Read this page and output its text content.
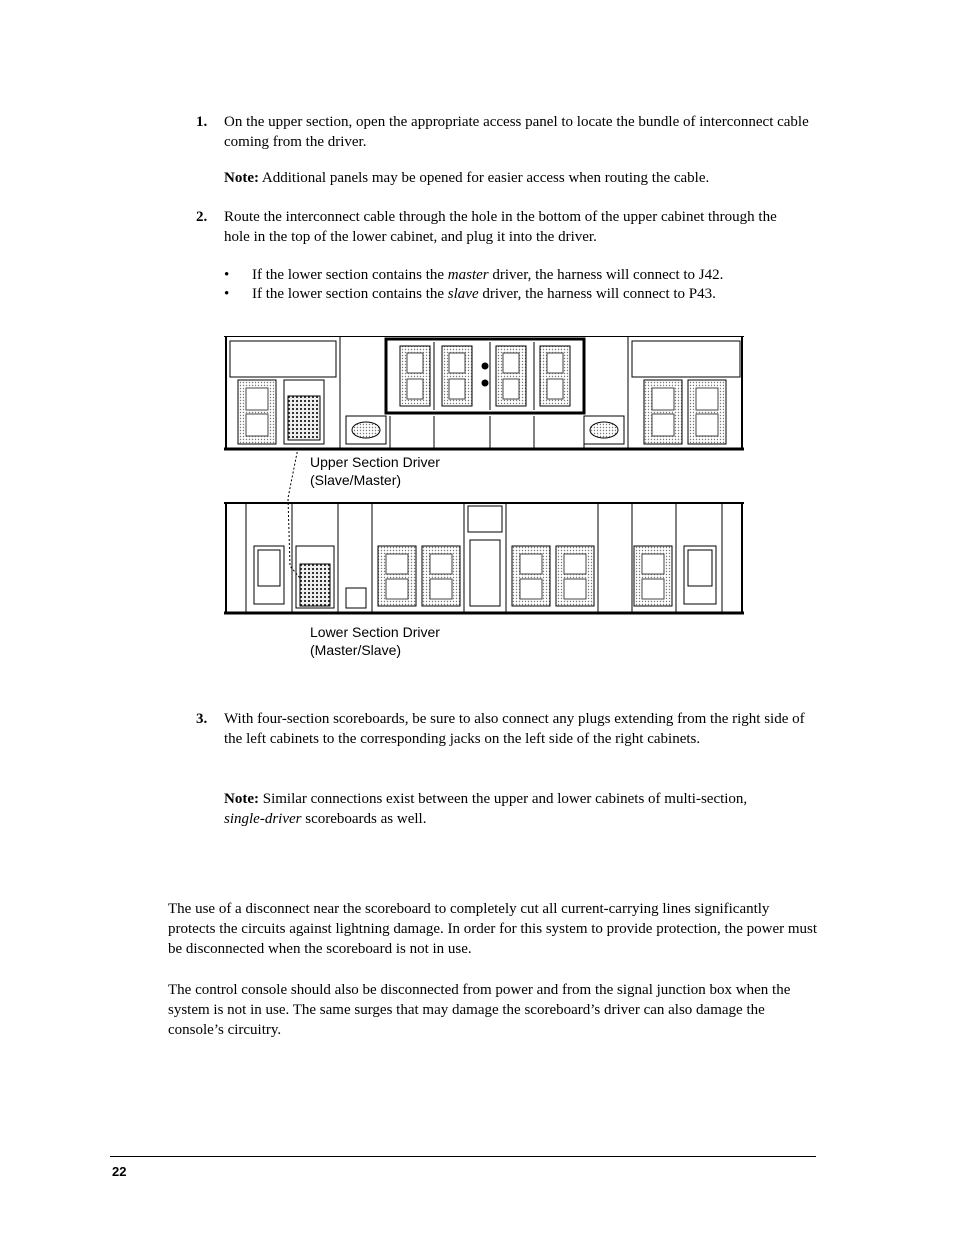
1. On the upper section, open the appropriate access panel to locate the bundle of interconnect cable coming from the driver.
Note: Additional panels may be opened for easier access when routing the cable.
2. Route the interconnect cable through the hole in the bottom of the upper cabinet through the hole in the top of the lower cabinet, and plug it into the driver.
• If the lower section contains the master driver, the harness will connect to J42.
• If the lower section contains the slave driver, the harness will connect to P43.
Upper Section Driver
(Slave/Master)
Lower Section Driver
(Master/Slave)
3. With four-section scoreboards, be sure to also connect any plugs extending from the right side of the left cabinets to the corresponding jacks on the left side of the right cabinets.
Note: Similar connections exist between the upper and lower cabinets of multi-section, single-driver scoreboards as well.
The use of a disconnect near the scoreboard to completely cut all current-carrying lines significantly protects the circuits against lightning damage. In order for this system to provide protection, the power must be disconnected when the scoreboard is not in use.
The control console should also be disconnected from power and from the signal junction box when the system is not in use. The same surges that may damage the scoreboard’s driver can also damage the console’s circuitry.
22
